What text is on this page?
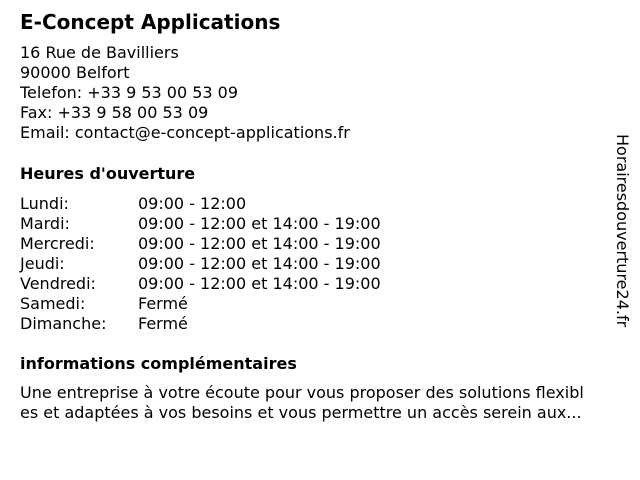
E-Concept Applications
16 Rue de Bavilliers
90000 Belfort
Telefon: +33 9 53 00 53 09
Fax: +33 9 58 00 53 09
Email: contact@e-concept-applications.fr
Heures d'ouverture
Lundi:	09:00 - 12:00
Mardi:	09:00 - 12:00 et 14:00 - 19:00
Mercredi:	09:00 - 12:00 et 14:00 - 19:00
Jeudi:	09:00 - 12:00 et 14:00 - 19:00
Vendredi:	09:00 - 12:00 et 14:00 - 19:00
Samedi:	Fermé
Dimanche:	Fermé
informations complémentaires
Une entreprise à votre écoute pour vous proposer des solutions flexibl
es et adaptées à vos besoins et vous permettre un accès serein aux...
Horairesdouverture24.fr
